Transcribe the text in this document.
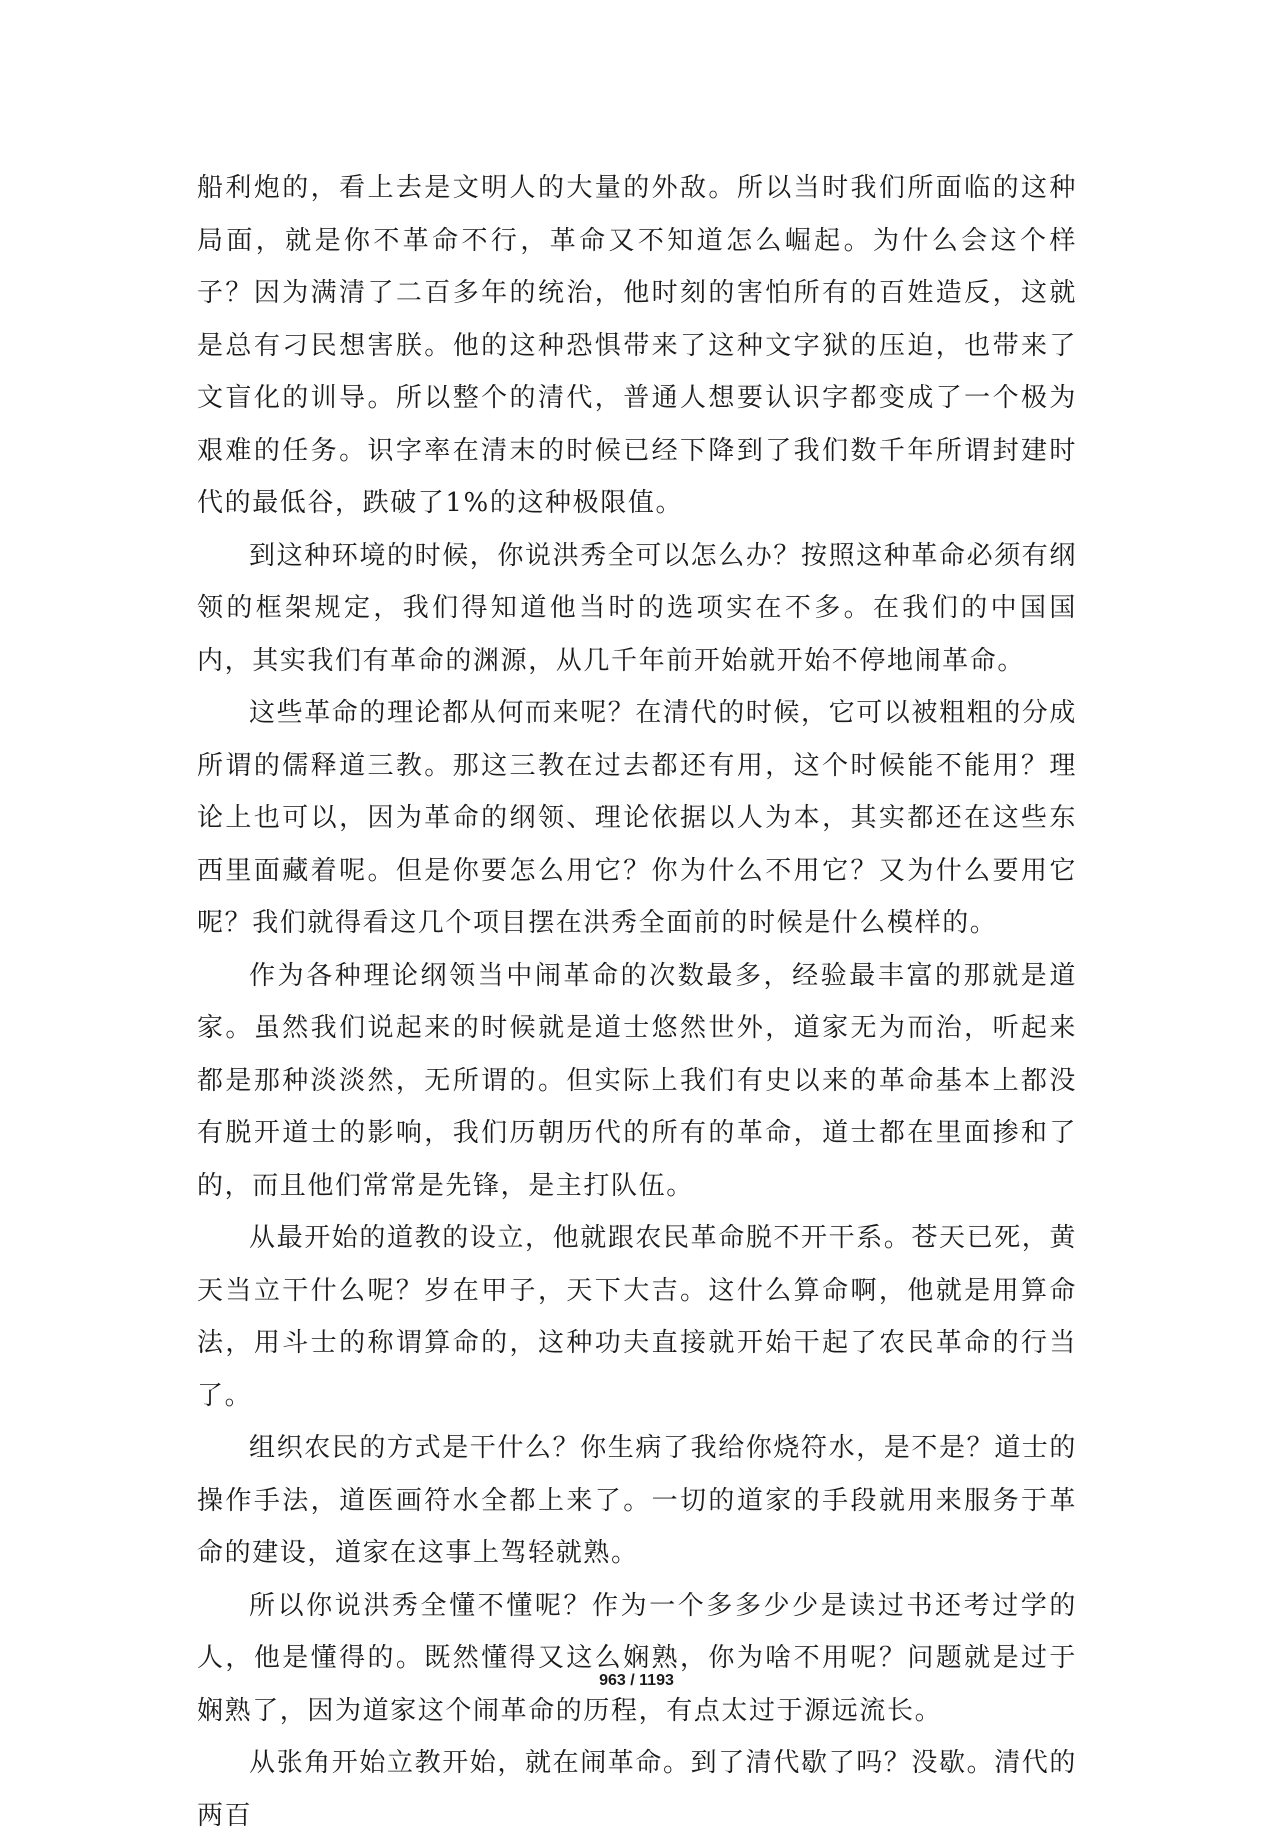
船利炮的，看上去是文明人的大量的外敌。所以当时我们所面临的这种局面，就是你不革命不行，革命又不知道怎么崛起。为什么会这个样子？因为满清了二百多年的统治，他时刻的害怕所有的百姓造反，这就是总有刁民想害朕。他的这种恐惧带来了这种文字狱的压迫，也带来了文盲化的训导。所以整个的清代，普通人想要认识字都变成了一个极为艰难的任务。识字率在清末的时候已经下降到了我们数千年所谓封建时代的最低谷，跌破了1%的这种极限值。

到这种环境的时候，你说洪秀全可以怎么办？按照这种革命必须有纲领的框架规定，我们得知道他当时的选项实在不多。在我们的中国国内，其实我们有革命的渊源，从几千年前开始就开始不停地闹革命。

这些革命的理论都从何而来呢？在清代的时候，它可以被粗粗的分成所谓的儒释道三教。那这三教在过去都还有用，这个时候能不能用？理论上也可以，因为革命的纲领、理论依据以人为本，其实都还在这些东西里面藏着呢。但是你要怎么用它？你为什么不用它？又为什么要用它呢？我们就得看这几个项目摆在洪秀全面前的时候是什么模样的。

作为各种理论纲领当中闹革命的次数最多，经验最丰富的那就是道家。虽然我们说起来的时候就是道士悠然世外，道家无为而治，听起来都是那种淡淡然，无所谓的。但实际上我们有史以来的革命基本上都没有脱开道士的影响，我们历朝历代的所有的革命，道士都在里面掺和了的，而且他们常常是先锋，是主打队伍。

从最开始的道教的设立，他就跟农民革命脱不开干系。苍天已死，黄天当立干什么呢？岁在甲子，天下大吉。这什么算命啊，他就是用算命法，用斗士的称谓算命的，这种功夫直接就开始干起了农民革命的行当了。

组织农民的方式是干什么？你生病了我给你烧符水，是不是？道士的操作手法，道医画符水全都上来了。一切的道家的手段就用来服务于革命的建设，道家在这事上驾轻就熟。

所以你说洪秀全懂不懂呢？作为一个多多少少是读过书还考过学的人，他是懂得的。既然懂得又这么娴熟，你为啥不用呢？问题就是过于娴熟了，因为道家这个闹革命的历程，有点太过于源远流长。

从张角开始立教开始，就在闹革命。到了清代歇了吗？没歇。清代的两百

963 / 1193
